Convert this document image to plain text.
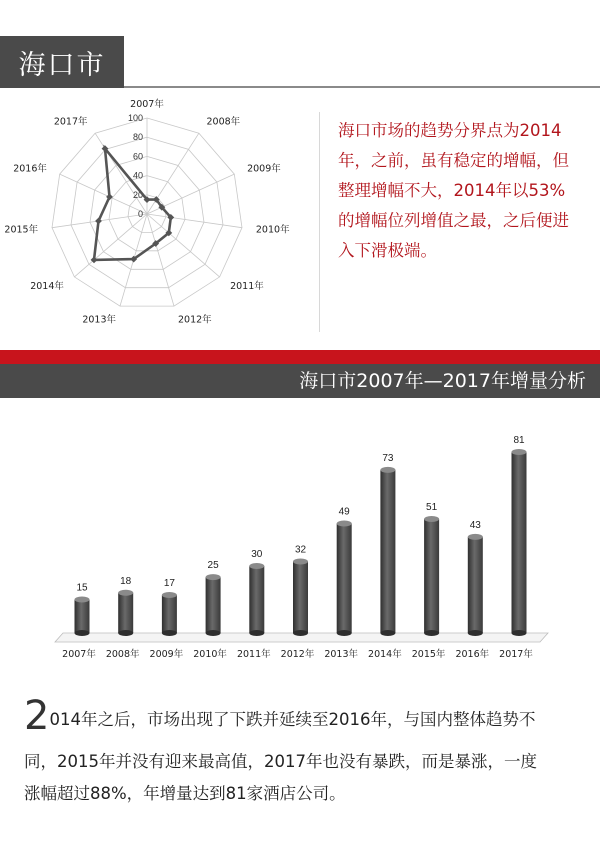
海口市
0
20
40
60
80
100
2007年
2008年
2009年
2010年
2011年
2012年
2013年
2014年
2015年
2016年
2017年	海口市场的趋势分界点为2014年，之前，虽有稳定的增幅，但整理增幅不大，2014年以53%的增幅位列增值之最，之后便进入下滑极端。
海口市2007年—2017年增量分析
15
2007年
18
2008年
17
2009年
25
2010年
30
2011年
32
2012年
49
2013年
73
2014年
51
2015年
43
2016年
81
2017年
2014年之后，市场出现了下跌并延续至2016年，与国内整体趋势不
同，2015年并没有迎来最高值，2017年也没有暴跌，而是暴涨，一度
涨幅超过88%，年增量达到81家酒店公司。
